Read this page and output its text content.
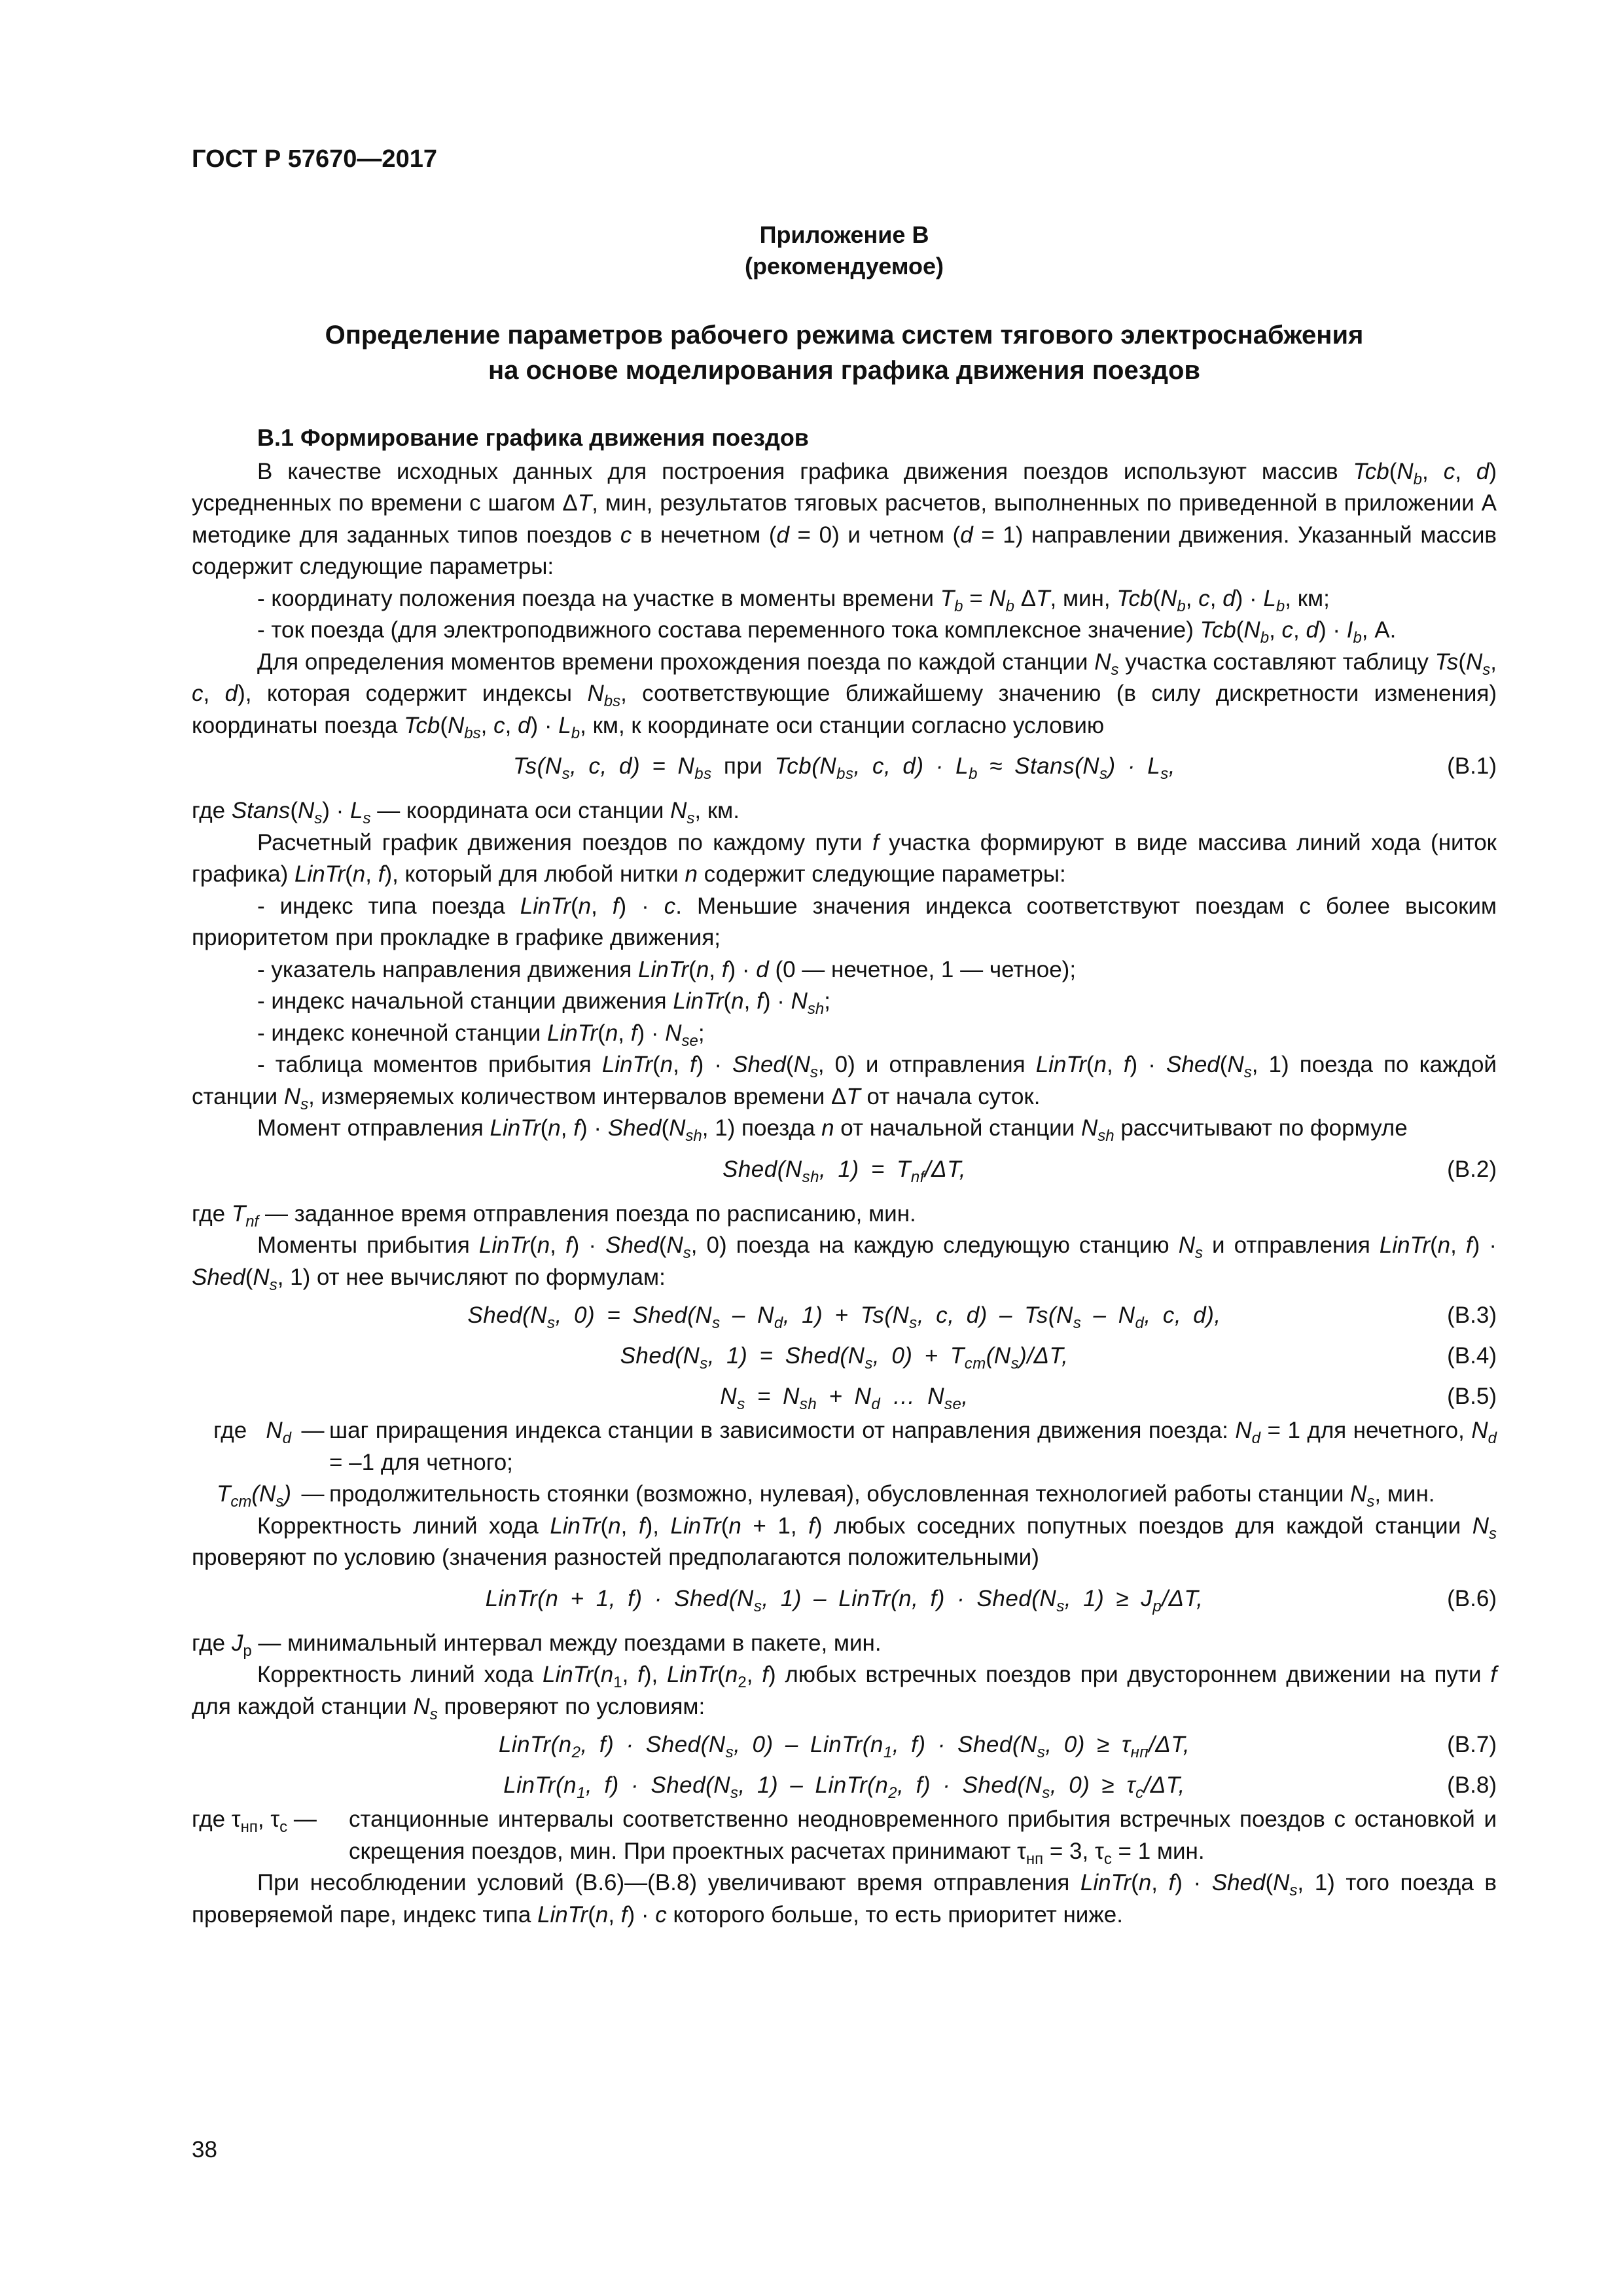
ГОСТ Р 57670—2017
Приложение В
(рекомендуемое)
Определение параметров рабочего режима систем тягового электроснабжения
на основе моделирования графика движения поездов
В.1 Формирование графика движения поездов

В качестве исходных данных для построения графика движения поездов используют массив $Tcb(N_b$, c, d) усредненных по времени с шагом ΔT, мин, результатов тяговых расчетов, выполненных по приведенной в приложении А методике для заданных типов поездов c в нечетном (d = 0) и четном (d = 1) направлении движения. Указанный массив содержит следующие параметры:

- координату положения поезда на участке в моменты времени $T_b = N_b$ ΔT, мин, $Tcb(N_b$, c, $d) \cdot L_b$, км;

- ток поезда (для электроподвижного состава переменного тока комплексное значение) $Tcb(N_b$, c, $d) \cdot I_b$, А.

Для определения моментов времени прохождения поезда по каждой станции $N_s$ участка составляют таблицу $Ts(N_s$, c, d), которая содержит индексы $N_{bs}$, соответствующие ближайшему значению (в силу дискретности изменения) координаты поезда $Tcb(N_{bs}$, c, $d) \cdot L_b$, км, к координате оси станции согласно условию

$Ts(N_s$, c, $d) = N_{bs}$ при $Tcb(N_{bs}$, c, $d) \cdot L_b \approx Stans(N_s) \cdot L_s$,	(В.1)

где $Stans(N_s) \cdot L_s$ — координата оси станции $N_s$, км.

Расчетный график движения поездов по каждому пути f участка формируют в виде массива линий хода (ниток графика) LinTr(n, f), который для любой нитки n содержит следующие параметры:

- индекс типа поезда LinTr(n, f) · c. Меньшие значения индекса соответствуют поездам с более высоким приоритетом при прокладке в графике движения;

- указатель направления движения LinTr(n, f) · d (0 — нечетное, 1 — четное);

- индекс начальной станции движения LinTr(n, $f) \cdot N_{sh}$;

- индекс конечной станции LinTr(n, $f) \cdot N_{se}$;

- таблица моментов прибытия LinTr(n, $f) \cdot Shed(N_s$, 0) и отправления LinTr(n, $f) \cdot Shed(N_s$, 1) поезда по каждой станции $N_s$, измеряемых количеством интервалов времени ΔT от начала суток.

Момент отправления LinTr(n, $f) \cdot Shed(N_{sh}$, 1) поезда n от начальной станции $N_{sh}$ рассчитывают по формуле

$Shed(N_{sh}$, $1) = T_{nf}/\Delta T$,	(В.2)

где $T_{nf}$ — заданное время отправления поезда по расписанию, мин.

Моменты прибытия LinTr(n, $f) \cdot Shed(N_s$, 0) поезда на каждую следующую станцию $N_s$ и отправления LinTr(n, $f) \cdot Shed(N_s$, 1) от нее вычисляют по формулам:

$Shed(N_s$, $0) = Shed(N_s - N_d$, $1) + Ts(N_s$, c, $d) - Ts(N_s - N_d$, c, d),	(В.3)
$Shed(N_s$, $1) = Shed(N_s$, $0) + T_{ст}(N_s)/\Delta T$,	(В.4)
$N_s = N_{sh} + N_d$ … $N_{se}$,	(В.5)
где   $N_d$ — шаг приращения индекса станции в зависимости от направления движения поезда: $N_d = 1$ для нечетного, $N_d = -1$ для четного;
$T_{ст}(N_s)$ — продолжительность стоянки (возможно, нулевая), обусловленная технологией работы станции $N_s$, мин.

Корректность линий хода LinTr(n, f), LinTr(n + 1, f) любых соседних попутных поездов для каждой станции $N_s$ проверяют по условию (значения разностей предполагаются положительными)

LinTr(n + 1, $f) \cdot Shed(N_s$, 1) – LinTr(n, $f) \cdot Shed(N_s$, $1) \ge J_p/\Delta T$,	(В.6)

где $J_р$ — минимальный интервал между поездами в пакете, мин.

Корректность линий хода $LinTr(n_1$, f), $LinTr(n_2$, f) любых встречных поездов при двустороннем движении на пути f для каждой станции $N_s$ проверяют по условиям:

$LinTr(n_2$, $f) \cdot Shed(N_s$, $0) - LinTr(n_1$, $f) \cdot Shed(N_s$, $0) \ge \tau_{нп}/\Delta T$,	(В.7)
$LinTr(n_1$, $f) \cdot Shed(N_s$, $1) - LinTr(n_2$, $f) \cdot Shed(N_s$, $0) \ge \tau_с/\Delta T$,	(В.8)
где $\tau_{нп}$, $\tau_с$ —	станционные интервалы соответственно неодновременного прибытия встречных поездов с остановкой и скрещения поездов, мин. При проектных расчетах принимают $\tau_{нп} = 3$, $\tau_с = 1$ мин.

При несоблюдении условий (В.6)—(В.8) увеличивают время отправления LinTr(n, $f) \cdot Shed(N_s$, 1) того поезда в проверяемой паре, индекс типа LinTr(n, f) · c которого больше, то есть приоритет ниже.

38
